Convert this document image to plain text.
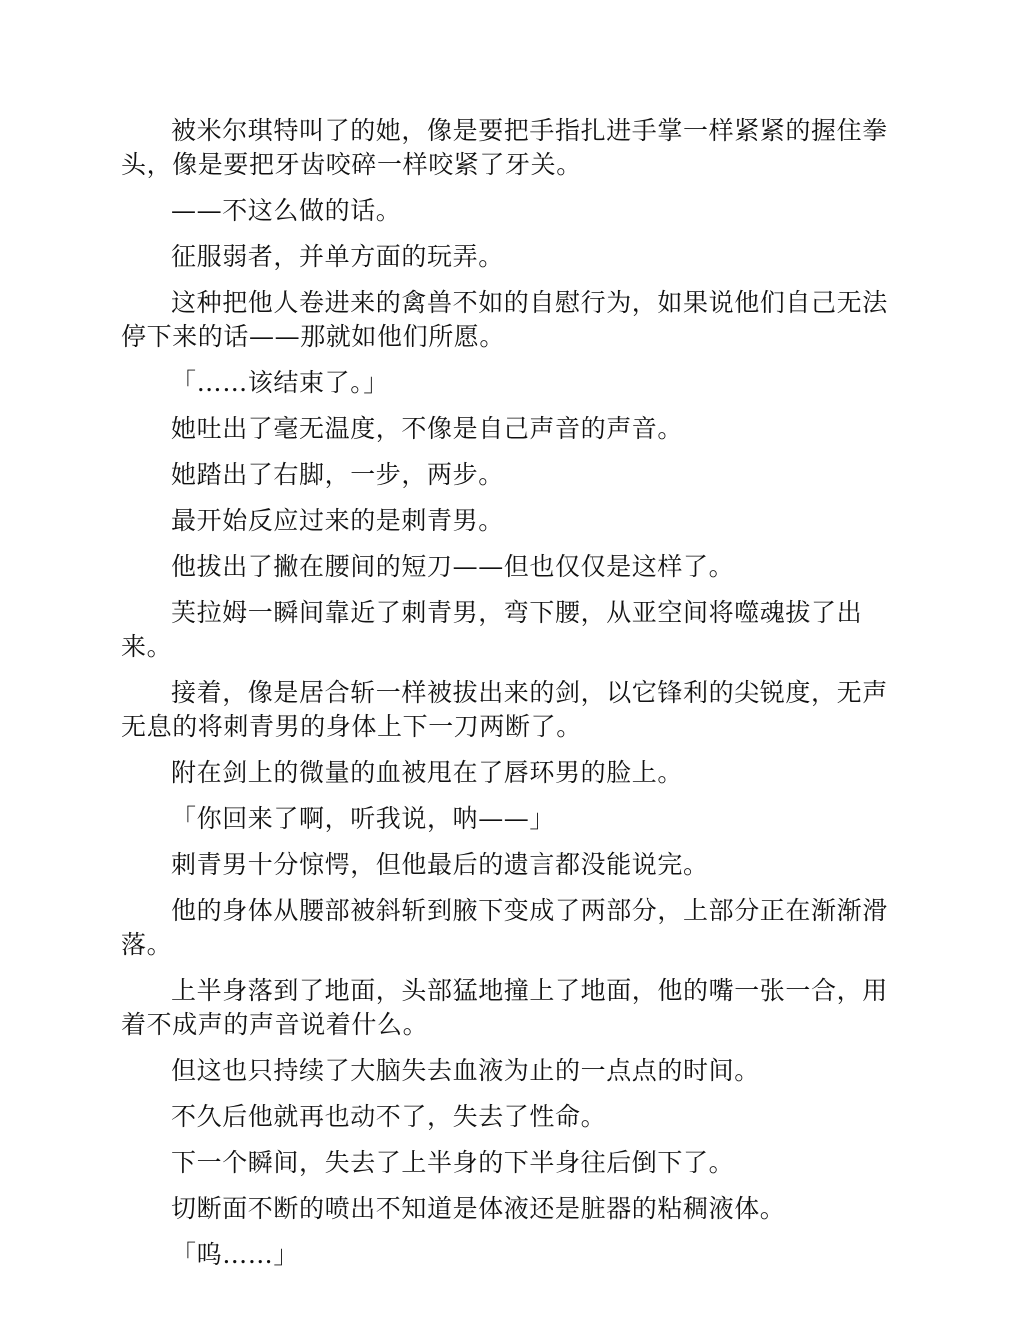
被米尔琪特叫了的她，像是要把手指扎进手掌一样紧紧的握住拳头，像是要把牙齿咬碎一样咬紧了牙关。

——不这么做的话。

征服弱者，并单方面的玩弄。

这种把他人卷进来的禽兽不如的自慰行为，如果说他们自己无法停下来的话——那就如他们所愿。

「……该结束了。」

她吐出了毫无温度，不像是自己声音的声音。

她踏出了右脚，一步，两步。

最开始反应过来的是刺青男。

他拔出了撇在腰间的短刀——但也仅仅是这样了。

芙拉姆一瞬间靠近了刺青男，弯下腰，从亚空间将噬魂拔了出来。

接着，像是居合斩一样被拔出来的剑，以它锋利的尖锐度，无声无息的将刺青男的身体上下一刀两断了。

附在剑上的微量的血被甩在了唇环男的脸上。

「你回来了啊，听我说，呐——」

刺青男十分惊愕，但他最后的遗言都没能说完。

他的身体从腰部被斜斩到腋下变成了两部分，上部分正在渐渐滑落。

上半身落到了地面，头部猛地撞上了地面，他的嘴一张一合，用着不成声的声音说着什么。

但这也只持续了大脑失去血液为止的一点点的时间。

不久后他就再也动不了，失去了性命。

下一个瞬间，失去了上半身的下半身往后倒下了。

切断面不断的喷出不知道是体液还是脏器的粘稠液体。

「呜……」
